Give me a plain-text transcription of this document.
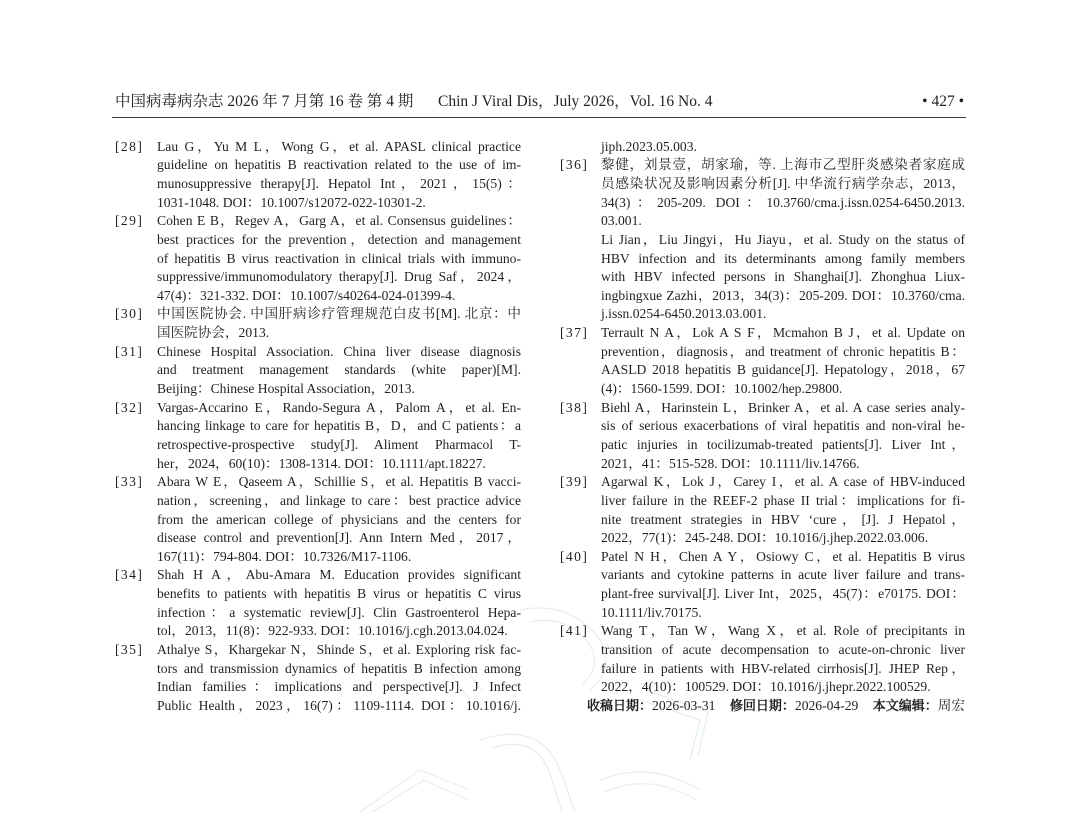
中国病毒病杂志 2026 年 7 月第 16 卷 第 4 期 Chin J Viral Dis，July 2026，Vol. 16 No. 4	• 427 •
[28] Lau G，Yu M L，Wong G，et al. APASL clinical practice
guideline on hepatitis B reactivation related to the use of im-
munosuppressive therapy[J]. Hepatol Int，2021，15(5)：
1031-1048. DOI：10.1007/s12072-022-10301-2.
[29] Cohen E B，Regev A，Garg A，et al. Consensus guidelines：
best practices for the prevention，detection and management
of hepatitis B virus reactivation in clinical trials with immuno-
suppressive/immunomodulatory therapy[J]. Drug Saf，2024，
47(4)：321-332. DOI：10.1007/s40264-024-01399-4.
[30] 中国医院协会. 中国肝病诊疗管理规范白皮书[M]. 北京：中
国医院协会，2013.
[31] Chinese Hospital Association. China liver disease diagnosis
and treatment management standards (white paper)[M].
Beijing：Chinese Hospital Association，2013.
[32] Vargas-Accarino E，Rando-Segura A，Palom A，et al. En-
hancing linkage to care for hepatitis B，D，and C patients：a
retrospective-prospective study[J]. Aliment Pharmacol T-
her，2024，60(10)：1308-1314. DOI：10.1111/apt.18227.
[33] Abara W E，Qaseem A，Schillie S，et al. Hepatitis B vacci-
nation，screening，and linkage to care：best practice advice
from the american college of physicians and the centers for
disease control and prevention[J]. Ann Intern Med，2017，
167(11)：794-804. DOI：10.7326/M17-1106.
[34] Shah H A，Abu-Amara M. Education provides significant
benefits to patients with hepatitis B virus or hepatitis C virus
infection：a systematic review[J]. Clin Gastroenterol Hepa-
tol，2013，11(8)：922-933. DOI：10.1016/j.cgh.2013.04.024.
[35] Athalye S，Khargekar N，Shinde S，et al. Exploring risk fac-
tors and transmission dynamics of hepatitis B infection among
Indian families：implications and perspective[J]. J Infect
Public Health，2023，16(7)：1109-1114. DOI：10.1016/j.
jiph.2023.05.003.
[36] 黎健，刘景壹，胡家瑜，等. 上海市乙型肝炎感染者家庭成
员感染状况及影响因素分析[J]. 中华流行病学杂志，2013，
34(3)：205-209. DOI：10.3760/cma.j.issn.0254-6450.2013.
03.001.
Li Jian，Liu Jingyi，Hu Jiayu，et al. Study on the status of
HBV infection and its determinants among family members
with HBV infected persons in Shanghai[J]. Zhonghua Liux-
ingbingxue Zazhi，2013，34(3)：205-209. DOI：10.3760/cma.
j.issn.0254-6450.2013.03.001.
[37] Terrault N A，Lok A S F，Mcmahon B J，et al. Update on
prevention，diagnosis，and treatment of chronic hepatitis B：
AASLD 2018 hepatitis B guidance[J]. Hepatology，2018，67
(4)：1560-1599. DOI：10.1002/hep.29800.
[38] Biehl A，Harinstein L，Brinker A，et al. A case series analy-
sis of serious exacerbations of viral hepatitis and non-viral he-
patic injuries in tocilizumab-treated patients[J]. Liver Int，
2021，41：515-528. DOI：10.1111/liv.14766.
[39] Agarwal K，Lok J，Carey I，et al. A case of HBV-induced
liver failure in the REEF-2 phase II trial：implications for fi-
nite treatment strategies in HBV ‘cure，[J]. J Hepatol，
2022，77(1)：245-248. DOI：10.1016/j.jhep.2022.03.006.
[40] Patel N H，Chen A Y，Osiowy C，et al. Hepatitis B virus
variants and cytokine patterns in acute liver failure and trans-
plant-free survival[J]. Liver Int，2025，45(7)：e70175. DOI：
10.1111/liv.70175.
[41] Wang T，Tan W，Wang X，et al. Role of precipitants in
transition of acute decompensation to acute-on-chronic liver
failure in patients with HBV-related cirrhosis[J]. JHEP Rep，
2022，4(10)：100529. DOI：10.1016/j.jhepr.2022.100529.
收稿日期：2026-03-31 修回日期：2026-04-29 本文编辑：周宏
